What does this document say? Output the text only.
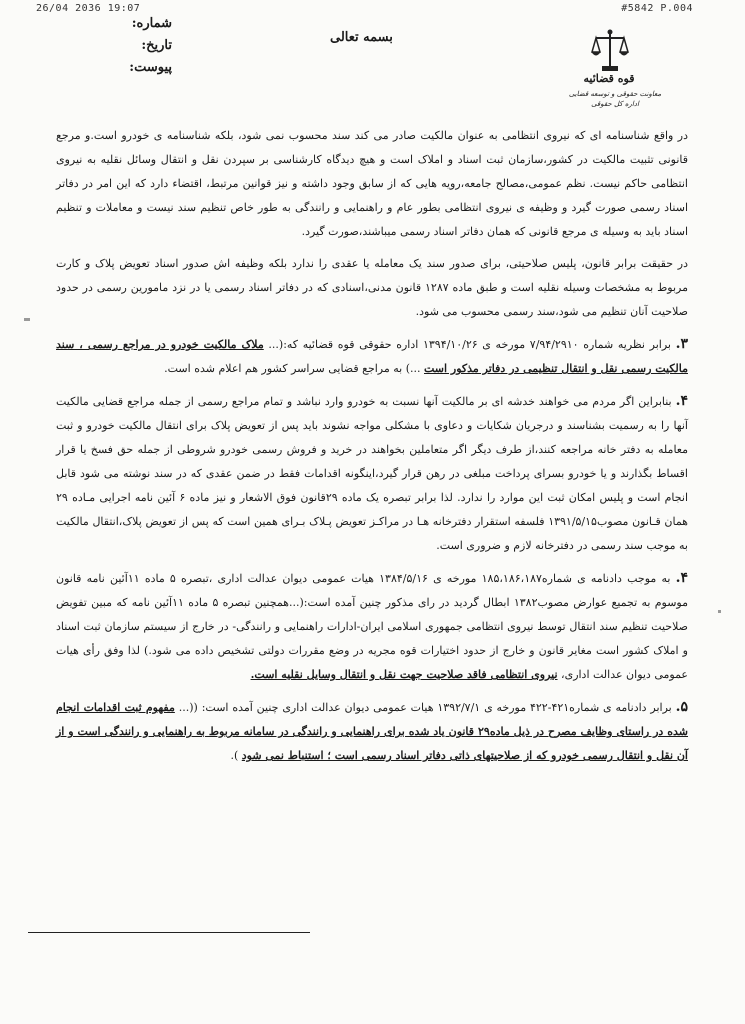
26/04 2036 19:07	#5842 P.004
شماره:
تاریخ:
پیوست:
بسمه تعالی
قوه قضائیه
معاونت حقوقی و توسعه قضایی
اداره کل حقوقی

در واقع شناسنامه ای که نیروی انتظامی به عنوان مالکیت صادر می کند سند محسوب نمی شود، بلکه شناسنامه ی خودرو است.و مرجع قانونی تثبیت مالکیت در کشور،سازمان ثبت اسناد و املاک است و هیچ دیدگاه کارشناسی بر سپردن نقل و انتقال وسائل نقلیه به نیروی انتظامی حاکم نیست. نظم عمومی،مصالح جامعه،رویه هایی که از سابق وجود داشته و نیز قوانین مرتبط، اقتضاء دارد که این امر در دفاتر اسناد رسمی صورت گیرد و وظیفه ی نیروی انتظامی بطور عام و راهنمایی و رانندگی به طور خاص تنظیم سند نیست و معاملات و تنظیم اسناد باید به وسیله ی مرجع قانونی که همان دفاتر اسناد رسمی میباشند،صورت گیرد.

در حقیقت برابر قانون، پلیس صلاحیتی، برای صدور سند یک معامله یا عقدی را ندارد بلکه وظیفه اش صدور اسناد تعویض پلاک و کارت مربوط به مشخصات وسیله نقلیه است و طبق ماده ۱۲۸۷ قانون مدنی،اسنادی که در دفاتر اسناد رسمی یا در نزد مامورین رسمی در حدود صلاحیت آنان تنظیم می شود،سند رسمی محسوب می شود.

۳. برابر نظریه شماره ۷/۹۴/۲۹۱۰ مورخه ی ۱۳۹۴/۱۰/۲۶ اداره حقوقی قوه قضائیه که:(... ملاک مالکیت خودرو در مراجع رسمی ، سند مالکیت رسمی نقل و انتقال تنظیمی در دفاتر مذکور است ...) به مراجع قضایی سراسر کشور هم اعلام شده است.

۴. بنابراین اگر مردم می خواهند خدشه ای بر مالکیت آنها نسبت به خودرو وارد نباشد و تمام مراجع رسمی از جمله مراجع قضایی مالکیت آنها را به رسمیت بشناسند و درجریان شکایات و دعاوی با مشکلی مواجه نشوند باید پس از تعویض پلاک برای انتقال مالکیت خودرو و ثبت معامله به دفتر خانه مراجعه کنند،از طرف دیگر اگر متعاملین بخواهند در خرید و فروش رسمی خودرو شروطی از جمله حق فسخ یا قرار اقساط بگذارند و یا خودرو بسرای پرداخت مبلغی در رهن قرار گیرد،اینگونه اقدامات فقط در ضمن عقدی که در سند نوشته می شود قابل انجام است و پلیس امکان ثبت این موارد را ندارد. لذا برابر تبصره یک ماده ۲۹قانون فوق الاشعار و نیز ماده ۶ آئین نامه اجرایی مـاده ۲۹ همان قـانون مصوب۱۳۹۱/۵/۱۵ فلسفه استقرار دفترخانه هـا در مراکـز تعویض پـلاک بـرای همین است که پس از تعویض پلاک،انتقال مالکیت به موجب سند رسمی در دفترخانه لازم و ضروری است.

۴. به موجب دادنامه ی شماره۱۸۵،۱۸۶،۱۸۷ مورخه ی ۱۳۸۴/۵/۱۶ هیات عمومی دیوان عدالت اداری ،تبصره ۵ ماده ۱۱آئین نامه قانون موسوم به تجمیع عوارض مصوب۱۳۸۲ ابطال گردید در رای مذکور چنین آمده است:(...همچنین تبصره ۵ ماده ۱۱آئین نامه که مبین تفویض صلاحیت تنظیم سند انتقال توسط نیروی انتظامی جمهوری اسلامی ایران-ادارات راهنمایی و رانندگی- در خارج از سیستم سازمان ثبت اسناد و املاک کشور است مغایر قانون و خارج از حدود اختیارات قوه مجریه در وضع مقررات دولتی تشخیص داده می شود.) لذا وفق رأی هیات عمومی دیوان عدالت اداری، نیروی انتظامی فاقد صلاحیت جهت نقل و انتقال وسایل نقلیه است.

۵. برابر دادنامه ی شماره۴۲۱-۴۲۲ مورخه ی ۱۳۹۲/۷/۱ هیات عمومی دیوان عدالت اداری چنین آمده است: ((... مفهوم ثبت اقدامات انجام شده در راستای وظایف مصرح در ذیل ماده۲۹ قانون یاد شده برای راهنمایی و رانندگی در سامانه مربوط به راهنمایی و رانندگی است و از آن نقل و انتقال رسمی خودرو که از صلاحیتهای ذاتی دفاتر اسناد رسمی است ؛ استنباط نمی شود ).
